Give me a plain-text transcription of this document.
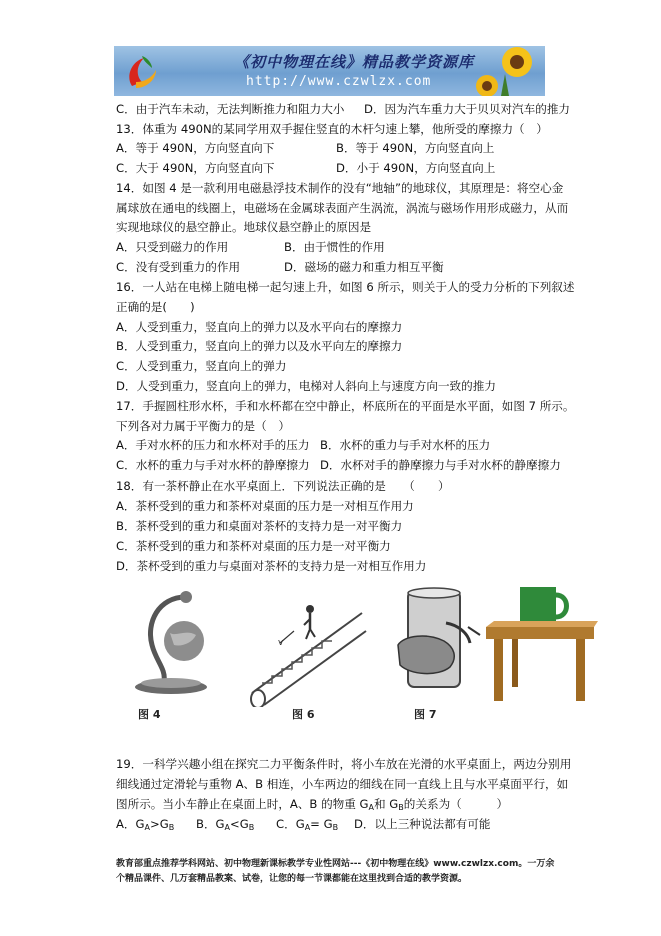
《初中物理在线》精品教学资源库
http://www.czwlzx.com
C．由于汽车未动，无法判断推力和阻力大小 D．因为汽车重力大于贝贝对汽车的推力
13．体重为 490N的某同学用双手握住竖直的木杆匀速上攀，他所受的摩擦力（　）
A．等于 490N，方向竖直向下	B．等于 490N，方向竖直向上
C．大于 490N，方向竖直向下	D．小于 490N，方向竖直向上
14．如图 4 是一款利用电磁悬浮技术制作的没有“地轴”的地球仪，其原理是：将空心金
属球放在通电的线圈上，电磁场在金属球表面产生涡流，涡流与磁场作用形成磁力，从而
实现地球仪的悬空静止。地球仪悬空静止的原因是
A．只受到磁力的作用	B．由于惯性的作用
C．没有受到重力的作用	D．磁场的磁力和重力相互平衡
16．一人站在电梯上随电梯一起匀速上升，如图 6 所示，则关于人的受力分析的下列叙述
正确的是(　　)
A．人受到重力，竖直向上的弹力以及水平向右的摩擦力
B．人受到重力，竖直向上的弹力以及水平向左的摩擦力
C．人受到重力，竖直向上的弹力
D．人受到重力，竖直向上的弹力，电梯对人斜向上与速度方向一致的推力
17．手握圆柱形水杯，手和水杯都在空中静止，杯底所在的平面是水平面，如图 7 所示。
下列各对力属于平衡力的是（　）
A．手对水杯的压力和水杯对手的压力 B．水杯的重力与手对水杯的压力
C．水杯的重力与手对水杯的静摩擦力 D．水杯对手的静摩擦力与手对水杯的静摩擦力
18．有一茶杯静止在水平桌面上．下列说法正确的是　　（　　）
A．茶杯受到的重力和茶杯对桌面的压力是一对相互作用力
B．茶杯受到的重力和桌面对茶杯的支持力是一对平衡力
C．茶杯受到的重力和茶杯对桌面的压力是一对平衡力
D．茶杯受到的重力与桌面对茶杯的支持力是一对相互作用力
v
图 4	图 6	图 7
19．一科学兴趣小组在探究二力平衡条件时，将小车放在光滑的水平桌面上，两边分别用
细线通过定滑轮与重物 A、B 相连，小车两边的细线在同一直线上且与水平桌面平行，如
图所示。当小车静止在桌面上时，A、B 的物重 $G_A$和 $G_B$的关系为（　　　）
A．$G_A>G_B$ B．$G_A<G_B$ C．$G_A= G_B$ D．以上三种说法都有可能
教育部重点推荐学科网站、初中物理新课标教学专业性网站---《初中物理在线》www.czwlzx.com。一万余
个精品课件、几万套精品教案、试卷，让您的每一节课都能在这里找到合适的教学资源。
